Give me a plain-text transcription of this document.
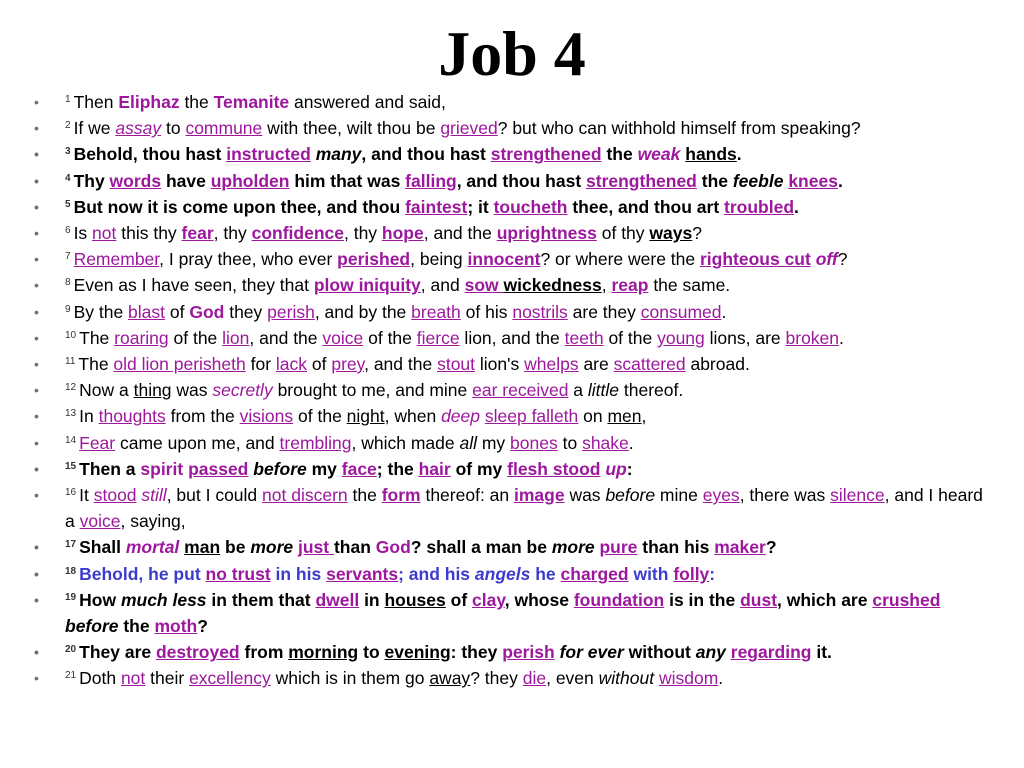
Job 4
•	$^1$ Then Eliphaz the Temanite answered and said,
•	$^2$ If we assay to commune with thee, wilt thou be grieved? but who can withhold himself from speaking?
•	$^3$ Behold, thou hast instructed many, and thou hast strengthened the weak hands.
•	$^4$ Thy words have upholden him that was falling, and thou hast strengthened the feeble knees.
•	$^5$ But now it is come upon thee, and thou faintest; it toucheth thee, and thou art troubled.
•	$^6$ Is not this thy fear, thy confidence, thy hope, and the uprightness of thy ways?
•	$^7$ Remember, I pray thee, who ever perished, being innocent? or where were the righteous cut off?
•	$^8$ Even as I have seen, they that plow iniquity, and sow wickedness, reap the same.
•	$^9$ By the blast of God they perish, and by the breath of his nostrils are they consumed.
•	$^{10}$ The roaring of the lion, and the voice of the fierce lion, and the teeth of the young lions, are broken.
•	$^{11}$ The old lion perisheth for lack of prey, and the stout lion's whelps are scattered abroad.
•	$^{12}$ Now a thing was secretly brought to me, and mine ear received a little thereof.
•	$^{13}$ In thoughts from the visions of the night, when deep sleep falleth on men,
•	$^{14}$ Fear came upon me, and trembling, which made all my bones to shake.
•	$^{15}$ Then a spirit passed before my face; the hair of my flesh stood up:
•	$^{16}$ It stood still, but I could not discern the form thereof: an image was before mine eyes, there was silence, and I heard a voice, saying,
•	$^{17}$ Shall mortal man be more just than God? shall a man be more pure than his maker?
•	$^{18}$ Behold, he put no trust in his servants; and his angels he charged with folly:
•	$^{19}$ How much less in them that dwell in houses of clay, whose foundation is in the dust, which are crushed before the moth?
•	$^{20}$ They are destroyed from morning to evening: they perish for ever without any regarding it.
•	$^{21}$ Doth not their excellency which is in them go away? they die, even without wisdom.
